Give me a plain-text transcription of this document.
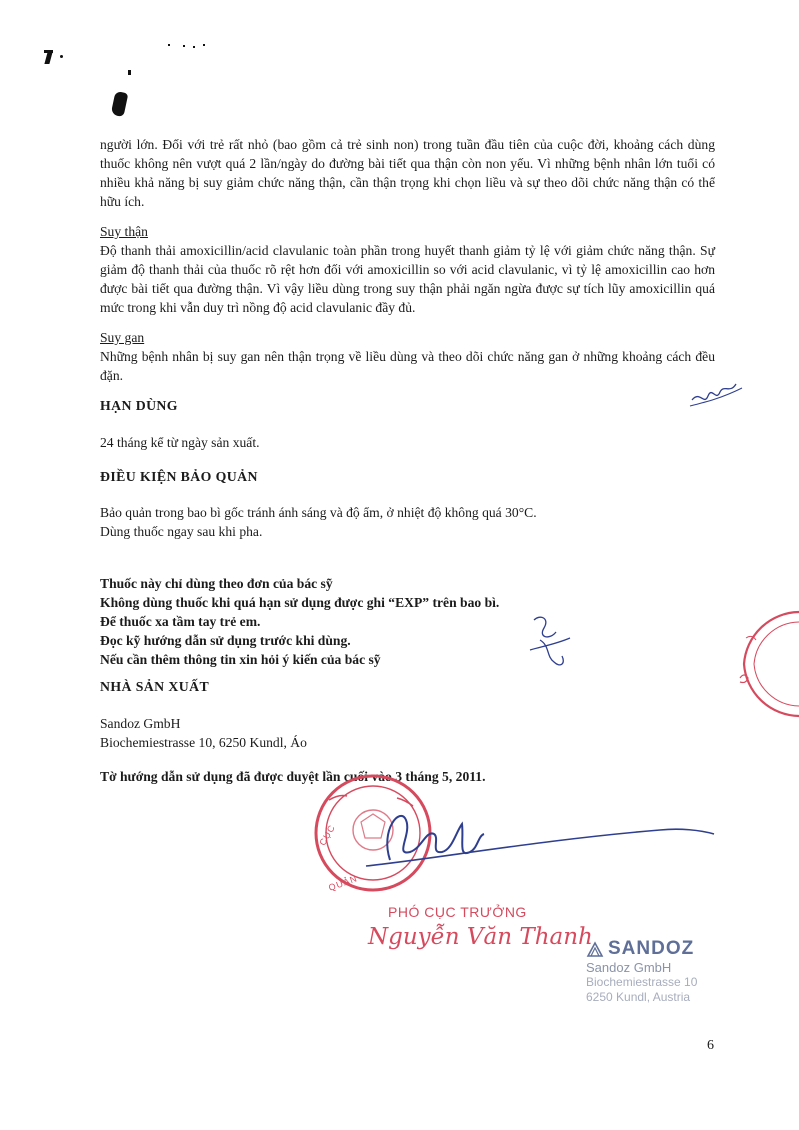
người lớn. Đối với trẻ rất nhỏ (bao gồm cả trẻ sinh non) trong tuần đầu tiên của cuộc đời, khoảng cách dùng thuốc không nên vượt quá 2 lần/ngày do đường bài tiết qua thận còn non yếu. Vì những bệnh nhân lớn tuổi có nhiều khả năng bị suy giảm chức năng thận, cần thận trọng khi chọn liều và sự theo dõi chức năng thận có thể hữu ích.

Suy thận

Độ thanh thải amoxicillin/acid clavulanic toàn phần trong huyết thanh giảm tỷ lệ với giảm chức năng thận. Sự giảm độ thanh thải của thuốc rõ rệt hơn đối với amoxicillin so với acid clavulanic, vì tỷ lệ amoxicillin cao hơn được bài tiết qua đường thận. Vì vậy liều dùng trong suy thận phải ngăn ngừa được sự tích lũy amoxicillin quá mức trong khi vẫn duy trì nồng độ acid clavulanic đầy đủ.

Suy gan

Những bệnh nhân bị suy gan nên thận trọng về liều dùng và theo dõi chức năng gan ở những khoảng cách đều đặn.

HẠN DÙNG

24 tháng kể từ ngày sản xuất.

ĐIỀU KIỆN BẢO QUẢN

Bảo quản trong bao bì gốc tránh ánh sáng và độ ẩm, ở nhiệt độ không quá 30°C.

Dùng thuốc ngay sau khi pha.

Thuốc này chỉ dùng theo đơn của bác sỹ

Không dùng thuốc khi quá hạn sử dụng được ghi “EXP” trên bao bì.

Để thuốc xa tầm tay trẻ em.

Đọc kỹ hướng dẫn sử dụng trước khi dùng.

Nếu cần thêm thông tin xin hỏi ý kiến của bác sỹ

NHÀ SẢN XUẤT

Sandoz GmbH

Biochemiestrasse 10, 6250 Kundl, Áo

Tờ hướng dẫn sử dụng đã được duyệt lần cuối vào 3 tháng 5, 2011.

CỤC
QUẢN
PHÓ CỤC TRƯỞNG
Nguyễn Văn Thanh SANDOZ
Sandoz GmbH
Biochemiestrasse 10
6250 Kundl, Austria
6
